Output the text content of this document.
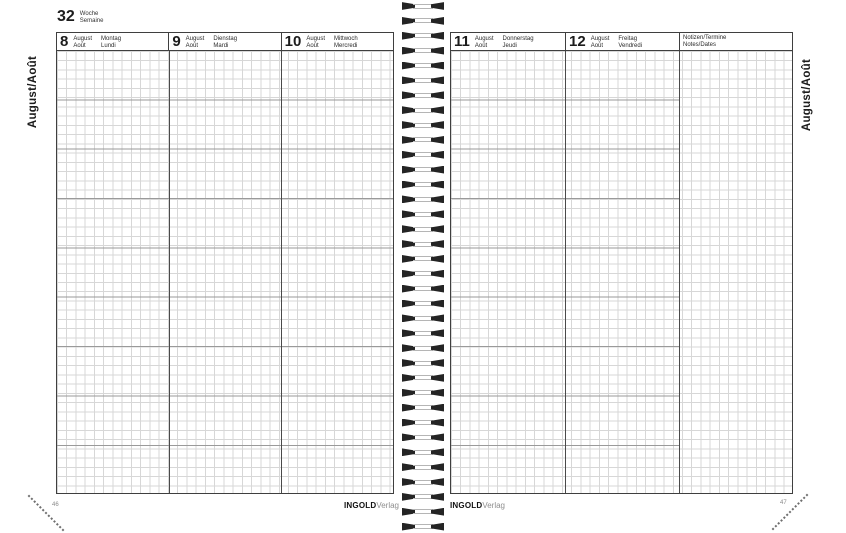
August/Août	August/Août
32 Woche
Semaine
8 August
Août
Montag
Lundi	9 August
Août
Dienstag
Mardi	10 August
Août
Mittwoch
Mercredi	11 August
Août
Donnerstag
Jeudi	12 August
Août
Freitag
Vendredi
Notizen/Termine
Notes/Dates
INGOLDVerlag	INGOLDVerlag
46	47
